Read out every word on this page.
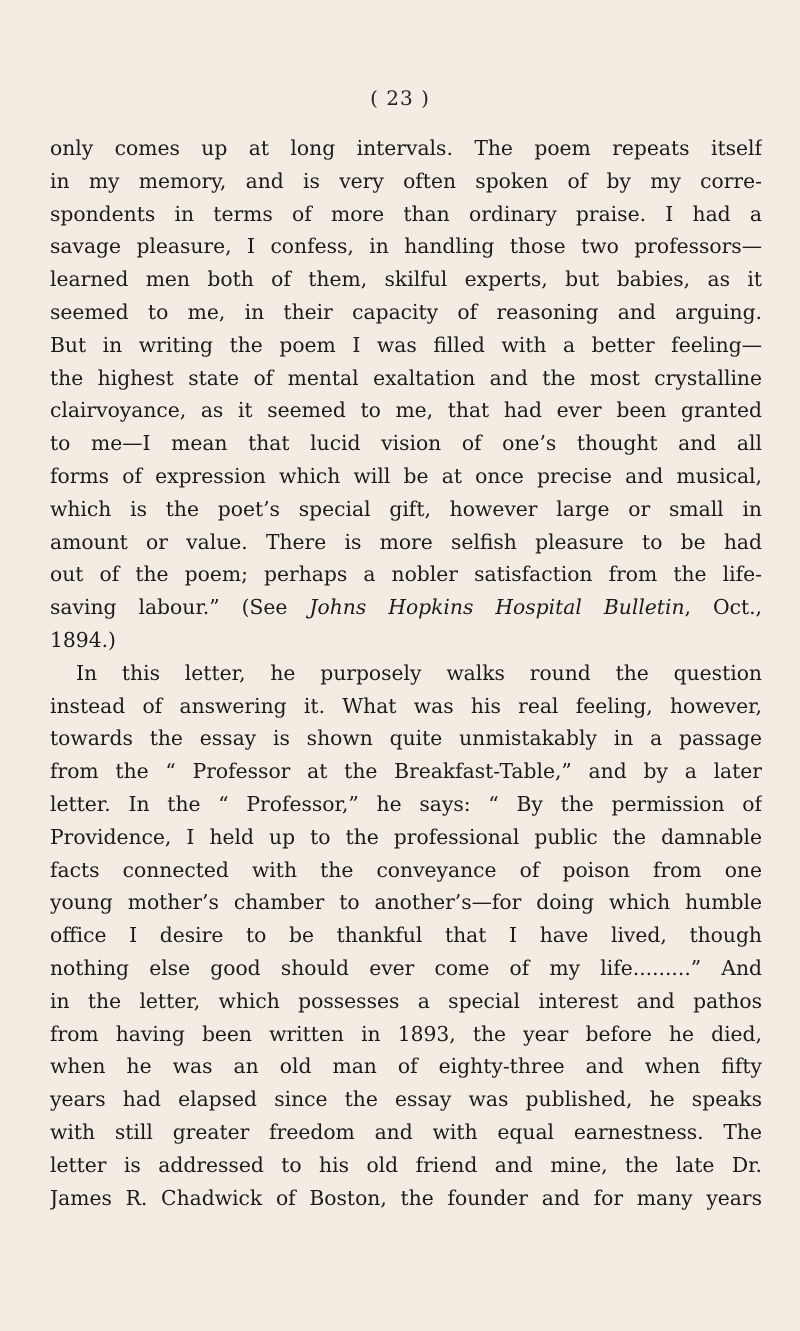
( 23 )
only comes up at long intervals. The poem repeats itself
in my memory, and is very often spoken of by my corre-
spondents in terms of more than ordinary praise. I had a
savage pleasure, I confess, in handling those two professors—
learned men both of them, skilful experts, but babies, as it
seemed to me, in their capacity of reasoning and arguing.
But in writing the poem I was filled with a better feeling—
the highest state of mental exaltation and the most crystalline
clairvoyance, as it seemed to me, that had ever been granted
to me—I mean that lucid vision of one’s thought and all
forms of expression which will be at once precise and musical,
which is the poet’s special gift, however large or small in
amount or value. There is more selfish pleasure to be had
out of the poem; perhaps a nobler satisfaction from the life-
saving labour.” (See Johns Hopkins Hospital Bulletin, Oct.,
1894.)
In this letter, he purposely walks round the question
instead of answering it. What was his real feeling, however,
towards the essay is shown quite unmistakably in a passage
from the “ Professor at the Breakfast-Table,” and by a later
letter. In the “ Professor,” he says: “ By the permission of
Providence, I held up to the professional public the damnable
facts connected with the conveyance of poison from one
young mother’s chamber to another’s—for doing which humble
office I desire to be thankful that I have lived, though
nothing else good should ever come of my life.........” And
in the letter, which possesses a special interest and pathos
from having been written in 1893, the year before he died,
when he was an old man of eighty-three and when fifty
years had elapsed since the essay was published, he speaks
with still greater freedom and with equal earnestness. The
letter is addressed to his old friend and mine, the late Dr.
James R. Chadwick of Boston, the founder and for many years
